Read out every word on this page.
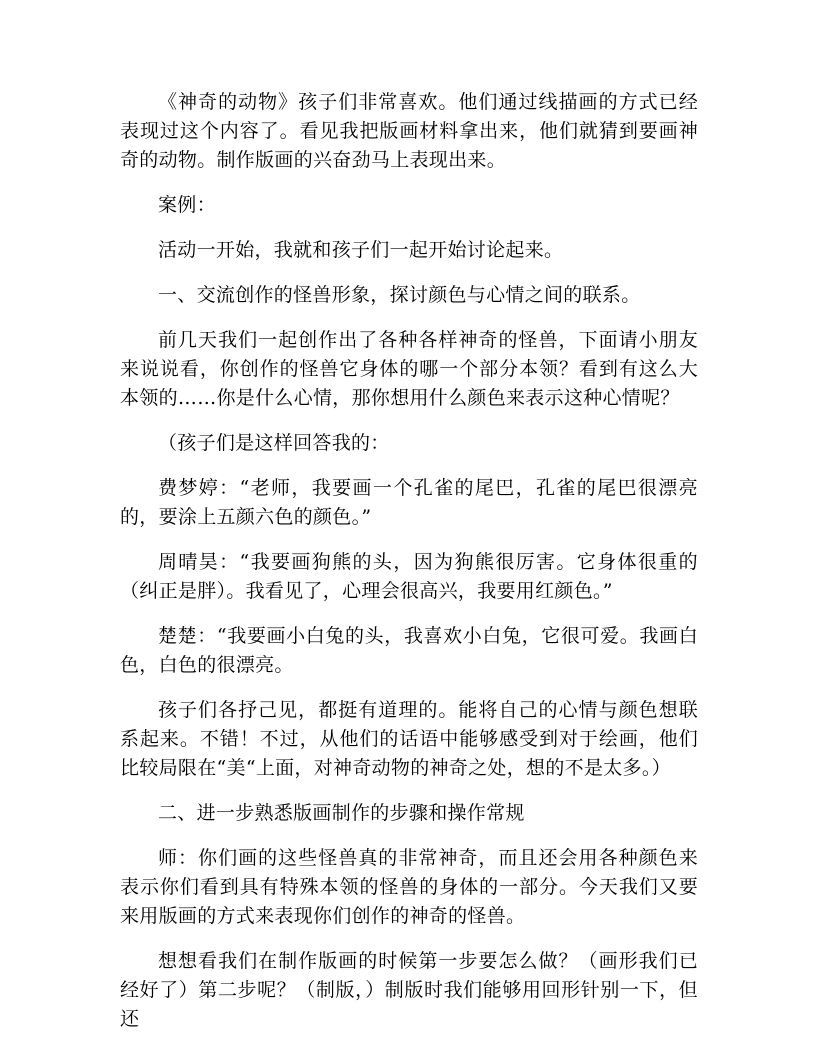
《神奇的动物》孩子们非常喜欢。他们通过线描画的方式已经表现过这个内容了。看见我把版画材料拿出来，他们就猜到要画神奇的动物。制作版画的兴奋劲马上表现出来。

案例：

活动一开始，我就和孩子们一起开始讨论起来。

一、交流创作的怪兽形象，探讨颜色与心情之间的联系。

前几天我们一起创作出了各种各样神奇的怪兽，下面请小朋友来说说看，你创作的怪兽它身体的哪一个部分本领？看到有这么大本领的……你是什么心情，那你想用什么颜色来表示这种心情呢？

（孩子们是这样回答我的：

费梦婷：“老师，我要画一个孔雀的尾巴，孔雀的尾巴很漂亮的，要涂上五颜六色的颜色。”

周晴昊：“我要画狗熊的头，因为狗熊很厉害。它身体很重的（纠正是胖）。我看见了，心理会很高兴，我要用红颜色。”

楚楚：“我要画小白兔的头，我喜欢小白兔，它很可爱。我画白色，白色的很漂亮。

孩子们各抒己见，都挺有道理的。能将自己的心情与颜色想联系起来。不错！不过，从他们的话语中能够感受到对于绘画，他们比较局限在“美“上面，对神奇动物的神奇之处，想的不是太多。）

二、进一步熟悉版画制作的步骤和操作常规

师：你们画的这些怪兽真的非常神奇，而且还会用各种颜色来表示你们看到具有特殊本领的怪兽的身体的一部分。今天我们又要来用版画的方式来表现你们创作的神奇的怪兽。

想想看我们在制作版画的时候第一步要怎么做？（画形我们已经好了）第二步呢？（制版，）制版时我们能够用回形针别一下，但还
